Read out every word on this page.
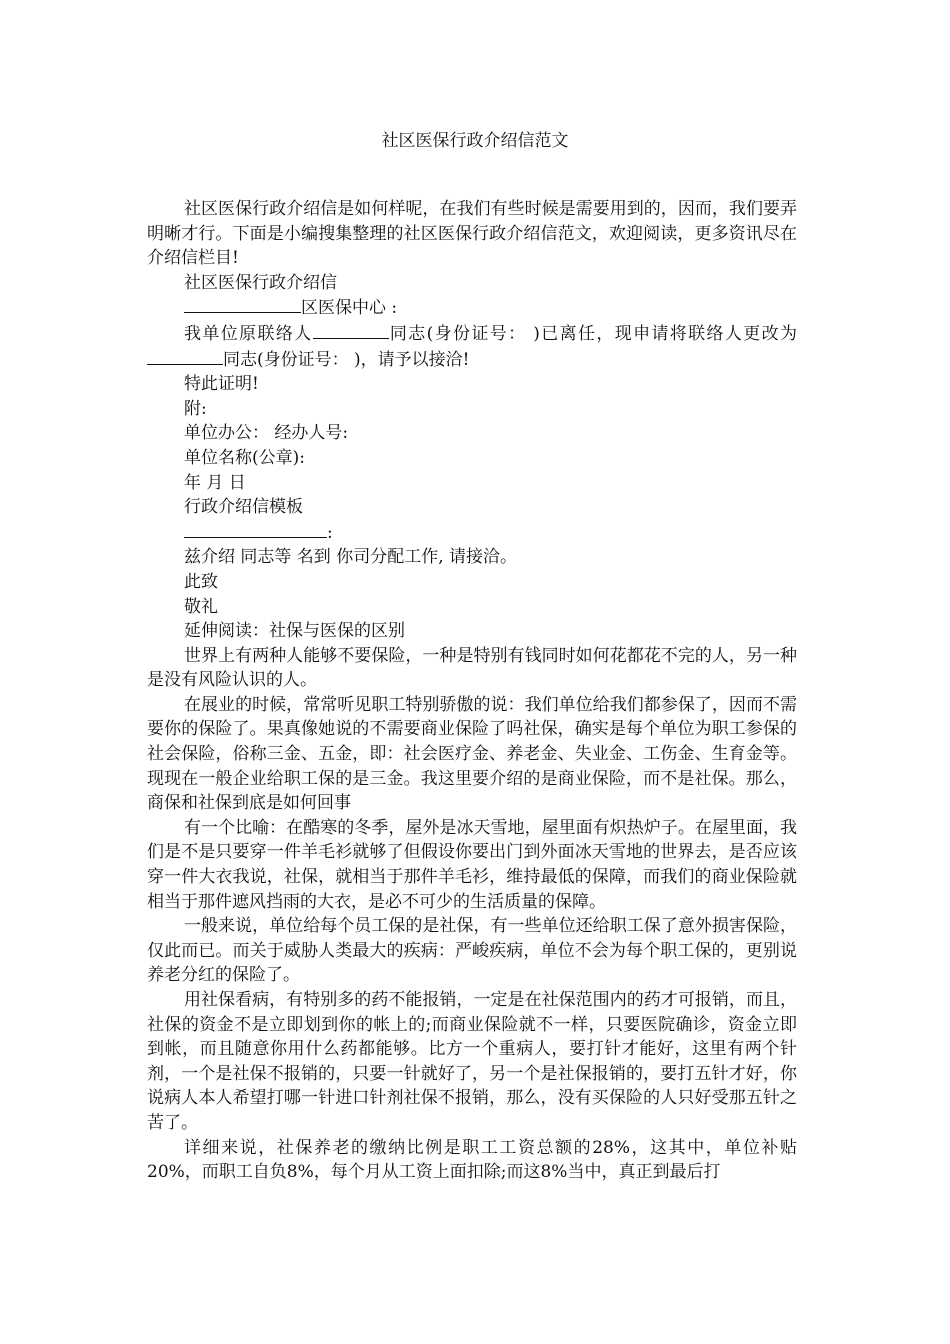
社区医保行政介绍信范文

社区医保行政介绍信是如何样呢，在我们有些时候是需要用到的，因而，我们要弄明晰才行。下面是小编搜集整理的社区医保行政介绍信范文，欢迎阅读，更多资讯尽在介绍信栏目!

社区医保行政介绍信

区医保中心 :

我单位原联络人	同志(身份证号： )已离任，现申请将联络人更改为同志(身份证号： )，请予以接洽!

特此证明!

附:

单位办公： 经办人号:

单位名称(公章):

年 月 日

行政介绍信模板

:

兹介绍 同志等 名到 你司分配工作, 请接洽。

此致

敬礼

延伸阅读：社保与医保的区别

世界上有两种人能够不要保险，一种是特别有钱同时如何花都花不完的人，另一种是没有风险认识的人。

在展业的时候，常常听见职工特别骄傲的说：我们单位给我们都参保了，因而不需要你的保险了。果真像她说的不需要商业保险了吗社保，确实是每个单位为职工参保的社会保险，俗称三金、五金，即：社会医疗金、养老金、失业金、工伤金、生育金等。现现在一般企业给职工保的是三金。我这里要介绍的是商业保险，而不是社保。那么，商保和社保到底是如何回事

有一个比喻：在酷寒的冬季，屋外是冰天雪地，屋里面有炽热炉子。在屋里面，我们是不是只要穿一件羊毛衫就够了但假设你要出门到外面冰天雪地的世界去，是否应该穿一件大衣我说，社保，就相当于那件羊毛衫，维持最低的保障，而我们的商业保险就相当于那件遮风挡雨的大衣，是必不可少的生活质量的保障。

一般来说，单位给每个员工保的是社保，有一些单位还给职工保了意外损害保险，仅此而已。而关于威胁人类最大的疾病：严峻疾病，单位不会为每个职工保的，更别说养老分红的保险了。

用社保看病，有特别多的药不能报销，一定是在社保范围内的药才可报销，而且，社保的资金不是立即划到你的帐上的;而商业保险就不一样，只要医院确诊，资金立即到帐，而且随意你用什么药都能够。比方一个重病人，要打针才能好，这里有两个针剂，一个是社保不报销的，只要一针就好了，另一个是社保报销的，要打五针才好，你说病人本人希望打哪一针进口针剂社保不报销，那么，没有买保险的人只好受那五针之苦了。

详细来说，社保养老的缴纳比例是职工工资总额的28%，这其中，单位补贴20%，而职工自负8%，每个月从工资上面扣除;而这8%当中，真正到最后打
